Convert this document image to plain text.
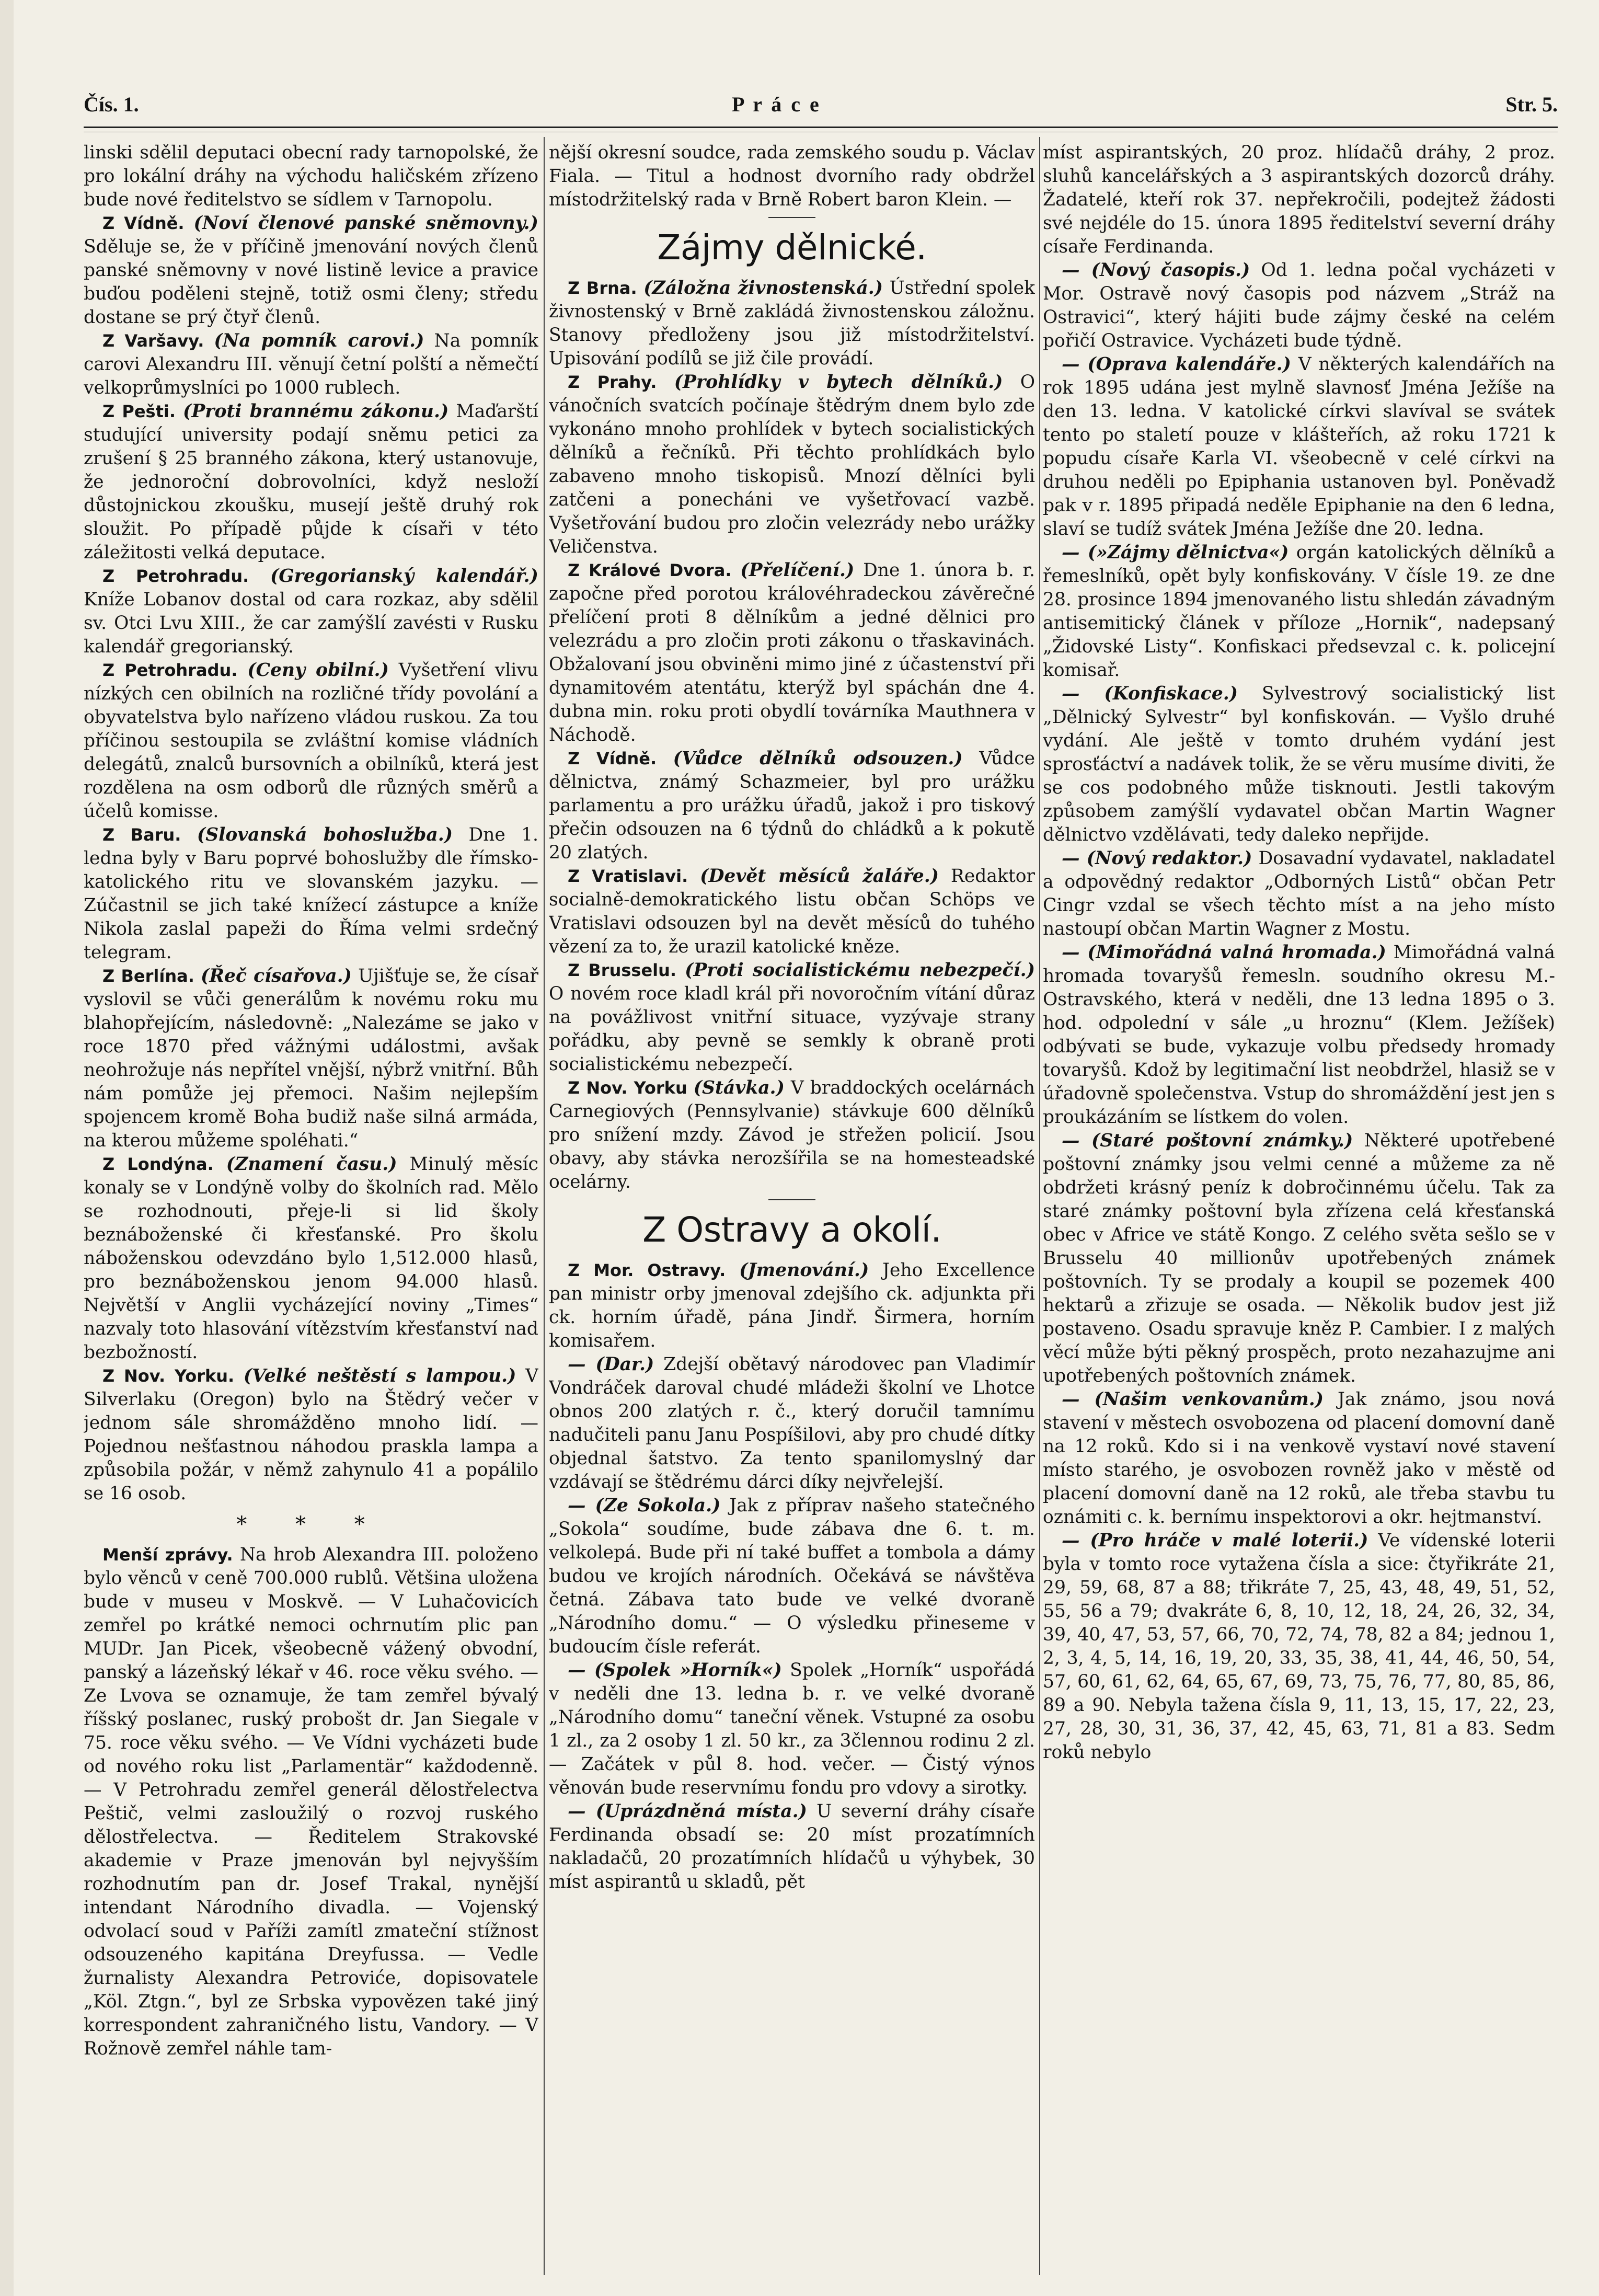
Čís. 1.	P r á c e	Str. 5.

linski sdělil deputaci obecní rady tarnopolské, že pro lokální dráhy na východu haličském zřízeno bude nové ředitelstvo se sídlem v Tarnopolu.

Z Vídně. (Noví členové panské sněmovny.) Sděluje se, že v příčině jmenování nových členů panské sněmovny v nové listině levice a pravice buďou poděleni stejně, totiž osmi členy; středu dostane se prý čtyř členů.

Z Varšavy. (Na pomník carovi.) Na pomník carovi Alexandru III. věnují četní polští a němečtí velkoprůmyslníci po 1000 rublech.

Z Pešti. (Proti brannému zákonu.) Maďarští studující university podají sněmu petici za zrušení § 25 branného zákona, který ustanovuje, že jednoroční dobrovolníci, když nesloží důstojnickou zkoušku, musejí ještě druhý rok sloužit. Po případě půjde k císaři v této záležitosti velká deputace.

Z Petrohradu. (Gregorianský kalendář.) Kníže Lobanov dostal od cara rozkaz, aby sdělil sv. Otci Lvu XIII., že car zamýšlí zavésti v Rusku kalendář gregorianský.

Z Petrohradu. (Ceny obilní.) Vyšetření vlivu nízkých cen obilních na rozličné třídy povolání a obyvatelstva bylo nařízeno vládou ruskou. Za tou příčinou sestoupila se zvláštní komise vládních delegátů, znalců bursovních a obilníků, která jest rozdělena na osm odborů dle různých směrů a účelů komisse.

Z Baru. (Slovanská bohoslužba.) Dne 1. ledna byly v Baru poprvé bohoslužby dle římsko-katolického ritu ve slovanském jazyku. — Zúčastnil se jich také knížecí zástupce a kníže Nikola zaslal papeži do Říma velmi srdečný telegram.

Z Berlína. (Řeč císařova.) Ujišťuje se, že císař vyslovil se vůči generálům k novému roku mu blahopřejícím, následovně: „Nalezáme se jako v roce 1870 před vážnými událostmi, avšak neohrožuje nás nepřítel vnější, nýbrž vnitřní. Bůh nám pomůže jej přemoci. Našim nejlepším spojencem kromě Boha budiž naše silná armáda, na kterou můžeme spoléhati.“

Z Londýna. (Znamení času.) Minulý měsíc konaly se v Londýně volby do školních rad. Mělo se rozhodnouti, přeje-li si lid školy beznáboženské či křesťanské. Pro školu náboženskou odevzdáno bylo 1,512.000 hlasů, pro beznáboženskou jenom 94.000 hlasů. Největší v Anglii vycházející noviny „Times“ nazvaly toto hlasování vítězstvím křesťanství nad bezbožností.

Z Nov. Yorku. (Velké neštěstí s lampou.) V Silverlaku (Oregon) bylo na Štědrý večer v jednom sále shromážděno mnoho lidí. — Pojednou nešťastnou náhodou praskla lampa a způsobila požár, v němž zahynulo 41 a popálilo se 16 osob.

* * *

Menší zprávy. Na hrob Alexandra III. položeno bylo věnců v ceně 700.000 rublů. Většina uložena bude v museu v Moskvě. — V Luhačovicích zemřel po krátké nemoci ochrnutím plic pan MUDr. Jan Picek, všeobecně vážený obvodní, panský a lázeňský lékař v 46. roce věku svého. — Ze Lvova se oznamuje, že tam zemřel bývalý říšský poslanec, ruský probošt dr. Jan Siegale v 75. roce věku svého. — Ve Vídni vycházeti bude od nového roku list „Parlamentär“ každodenně. — V Petrohradu zemřel generál dělostřelectva Peštič, velmi zasloužilý o rozvoj ruského dělostřelectva. — Ředitelem Strakovské akademie v Praze jmenován byl nejvyšším rozhodnutím pan dr. Josef Trakal, nynější intendant Národního divadla. — Vojenský odvolací soud v Paříži zamítl zmateční stížnost odsouzeného kapitána Dreyfussa. — Vedle žurnalisty Alexandra Petroviće, dopisovatele „Köl. Ztgn.“, byl ze Srbska vypovězen také jiný korrespondent zahraničného listu, Vandory. — V Rožnově zemřel náhle tam-

nější okresní soudce, rada zemského soudu p. Václav Fiala. — Titul a hodnost dvorního rady obdržel místodržitelský rada v Brně Robert baron Klein. —

Zájmy dělnické.

Z Brna. (Záložna živnostenská.) Ústřední spolek živnostenský v Brně zakládá živnostenskou záložnu. Stanovy předloženy jsou již místodržitelství. Upisování podílů se již čile provádí.

Z Prahy. (Prohlídky v bytech dělníků.) O vánočních svatcích počínaje štědrým dnem bylo zde vykonáno mnoho prohlídek v bytech socialistických dělníků a řečníků. Při těchto prohlídkách bylo zabaveno mnoho tiskopisů. Mnozí dělníci byli zatčeni a ponecháni ve vyšetřovací vazbě. Vyšetřování budou pro zločin velezrády nebo urážky Veličenstva.

Z Králové Dvora. (Přelíčení.) Dne 1. února b. r. započne před porotou královéhradeckou závěrečné přelíčení proti 8 dělníkům a jedné dělnici pro velezrádu a pro zločin proti zákonu o třaskavinách. Obžalovaní jsou obviněni mimo jiné z účastenství při dynamitovém atentátu, kterýž byl spáchán dne 4. dubna min. roku proti obydlí továrníka Mauthnera v Náchodě.

Z Vídně. (Vůdce dělníků odsouzen.) Vůdce dělnictva, známý Schazmeier, byl pro urážku parlamentu a pro urážku úřadů, jakož i pro tiskový přečin odsouzen na 6 týdnů do chládků a k pokutě 20 zlatých.

Z Vratislavi. (Devět měsíců žaláře.) Redaktor socialně-demokratického listu občan Schöps ve Vratislavi odsouzen byl na devět měsíců do tuhého vězení za to, že urazil katolické kněze.

Z Brusselu. (Proti socialistickému nebezpečí.) O novém roce kladl král při novoročním vítání důraz na povážlivost vnitřní situace, vyzývaje strany pořádku, aby pevně se semkly k obraně proti socialistickému nebezpečí.

Z Nov. Yorku (Stávka.) V braddockých ocelárnách Carnegiových (Pennsylvanie) stávkuje 600 dělníků pro snížení mzdy. Závod je střežen policií. Jsou obavy, aby stávka nerozšířila se na homesteadské ocelárny.

Z Ostravy a okolí.

Z Mor. Ostravy. (Jmenování.) Jeho Excellence pan ministr orby jmenoval zdejšího ck. adjunkta při ck. horním úřadě, pána Jindř. Širmera, horním komisařem.

— (Dar.) Zdejší obětavý národovec pan Vladimír Vondráček daroval chudé mládeži školní ve Lhotce obnos 200 zlatých r. č., který doručil tamnímu nadučiteli panu Janu Pospíšilovi, aby pro chudé dítky objednal šatstvo. Za tento spanilomyslný dar vzdávají se štědrému dárci díky nejvřelejší.

— (Ze Sokola.) Jak z příprav našeho statečného „Sokola“ soudíme, bude zábava dne 6. t. m. velkolepá. Bude při ní také buffet a tombola a dámy budou ve krojích národních. Očekává se návštěva četná. Zábava tato bude ve velké dvoraně „Národního domu.“ — O výsledku přineseme v budoucím čísle referát.

— (Spolek »Horník«) Spolek „Horník“ uspořádá v neděli dne 13. ledna b. r. ve velké dvoraně „Národního domu“ taneční věnek. Vstupné za osobu 1 zl., za 2 osoby 1 zl. 50 kr., za 3člennou rodinu 2 zl. — Začátek v půl 8. hod. večer. — Čistý výnos věnován bude reservnímu fondu pro vdovy a sirotky.

— (Uprázdněná místa.) U severní dráhy císaře Ferdinanda obsadí se: 20 míst prozatímních nakladačů, 20 prozatímních hlídačů u výhybek, 30 míst aspirantů u skladů, pět

míst aspirantských, 20 proz. hlídačů dráhy, 2 proz. sluhů kancelářských a 3 aspirantských dozorců dráhy. Žadatelé, kteří rok 37. nepřekročili, podejtež žádosti své nejdéle do 15. února 1895 ředitelství severní dráhy císaře Ferdinanda.

— (Nový časopis.) Od 1. ledna počal vycházeti v Mor. Ostravě nový časopis pod názvem „Stráž na Ostravici“, který hájiti bude zájmy české na celém pořičí Ostravice. Vycházeti bude týdně.

— (Oprava kalendáře.) V některých kalendářích na rok 1895 udána jest mylně slavnosť Jména Ježíše na den 13. ledna. V katolické církvi slavíval se svátek tento po staletí pouze v klášteřích, až roku 1721 k popudu císaře Karla VI. všeobecně v celé církvi na druhou neděli po Epiphania ustanoven byl. Poněvadž pak v r. 1895 připadá neděle Epiphanie na den 6 ledna, slaví se tudíž svátek Jména Ježíše dne 20. ledna.

— (»Zájmy dělnictva«) orgán katolických dělníků a řemeslníků, opět byly konfiskovány. V čísle 19. ze dne 28. prosince 1894 jmenovaného listu shledán závadným antisemitický článek v příloze „Hornik“, nadepsaný „Židovské Listy“. Konfiskaci předsevzal c. k. policejní komisař.

— (Konfiskace.) Sylvestrový socialistický list „Dělnický Sylvestr“ byl konfiskován. — Vyšlo druhé vydání. Ale ještě v tomto druhém vydání jest sprosťáctví a nadávek tolik, že se věru musíme diviti, že se cos podobného může tisknouti. Jestli takovým způsobem zamýšlí vydavatel občan Martin Wagner dělnictvo vzdělávati, tedy daleko nepřijde.

— (Nový redaktor.) Dosavadní vydavatel, nakladatel a odpovědný redaktor „Odborných Listů“ občan Petr Cingr vzdal se všech těchto míst a na jeho místo nastoupí občan Martin Wagner z Mostu.

— (Mimořádná valná hromada.) Mimořádná valná hromada tovaryšů řemesln. soudního okresu M.-Ostravského, která v neděli, dne 13 ledna 1895 o 3. hod. odpolední v sále „u hroznu“ (Klem. Ježíšek) odbývati se bude, vykazuje volbu předsedy hromady tovaryšů. Kdož by legitimační list neobdržel, hlasiž se v úřadovně společenstva. Vstup do shromáždění jest jen s proukázáním se lístkem do volen.

— (Staré poštovní známky.) Některé upotřebené poštovní známky jsou velmi cenné a můžeme za ně obdržeti krásný peníz k dobročinnému účelu. Tak za staré známky poštovní byla zřízena celá křesťanská obec v Africe ve státě Kongo. Z celého světa sešlo se v Brusselu 40 millionův upotřebených známek poštovních. Ty se prodaly a koupil se pozemek 400 hektarů a zřizuje se osada. — Několik budov jest již postaveno. Osadu spravuje kněz P. Cambier. I z malých věcí může býti pěkný prospěch, proto nezahazujme ani upotřebených poštovních známek.

— (Našim venkovanům.) Jak známo, jsou nová stavení v městech osvobozena od placení domovní daně na 12 roků. Kdo si i na venkově vystaví nové stavení místo starého, je osvobozen rovněž jako v městě od placení domovní daně na 12 roků, ale třeba stavbu tu oznámiti c. k. bernímu inspektorovi a okr. hejtmanství.

— (Pro hráče v malé loterii.) Ve vídenské loterii byla v tomto roce vytažena čísla a sice: čtyřikráte 21, 29, 59, 68, 87 a 88; třikráte 7, 25, 43, 48, 49, 51, 52, 55, 56 a 79; dvakráte 6, 8, 10, 12, 18, 24, 26, 32, 34, 39, 40, 47, 53, 57, 66, 70, 72, 74, 78, 82 a 84; jednou 1, 2, 3, 4, 5, 14, 16, 19, 20, 33, 35, 38, 41, 44, 46, 50, 54, 57, 60, 61, 62, 64, 65, 67, 69, 73, 75, 76, 77, 80, 85, 86, 89 a 90. Nebyla tažena čísla 9, 11, 13, 15, 17, 22, 23, 27, 28, 30, 31, 36, 37, 42, 45, 63, 71, 81 a 83. Sedm roků nebylo
